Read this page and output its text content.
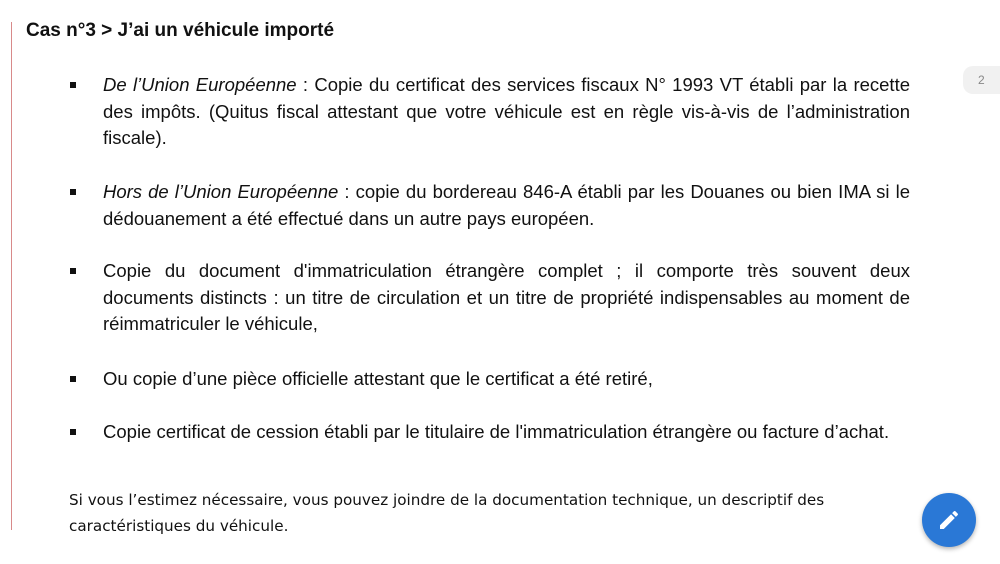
Cas n°3 > J’ai un véhicule importé
2
De l’Union Européenne : Copie du certificat des services fiscaux N° 1993 VT établi par la recette des impôts. (Quitus fiscal attestant que votre véhicule est en règle vis-à-vis de l’administration fiscale).
Hors de l’Union Européenne : copie du bordereau 846-A établi par les Douanes ou bien IMA si le dédouanement a été effectué dans un autre pays européen.
Copie du document d'immatriculation étrangère complet ; il comporte très souvent deux documents distincts : un titre de circulation et un titre de propriété indispensables au moment de réimmatriculer le véhicule,
Ou copie d’une pièce officielle attestant que le certificat a été retiré,
Copie certificat de cession établi par le titulaire de l'immatriculation étrangère ou facture d’achat.
Si vous l’estimez nécessaire, vous pouvez joindre de la documentation technique, un descriptif des caractéristiques du véhicule.
